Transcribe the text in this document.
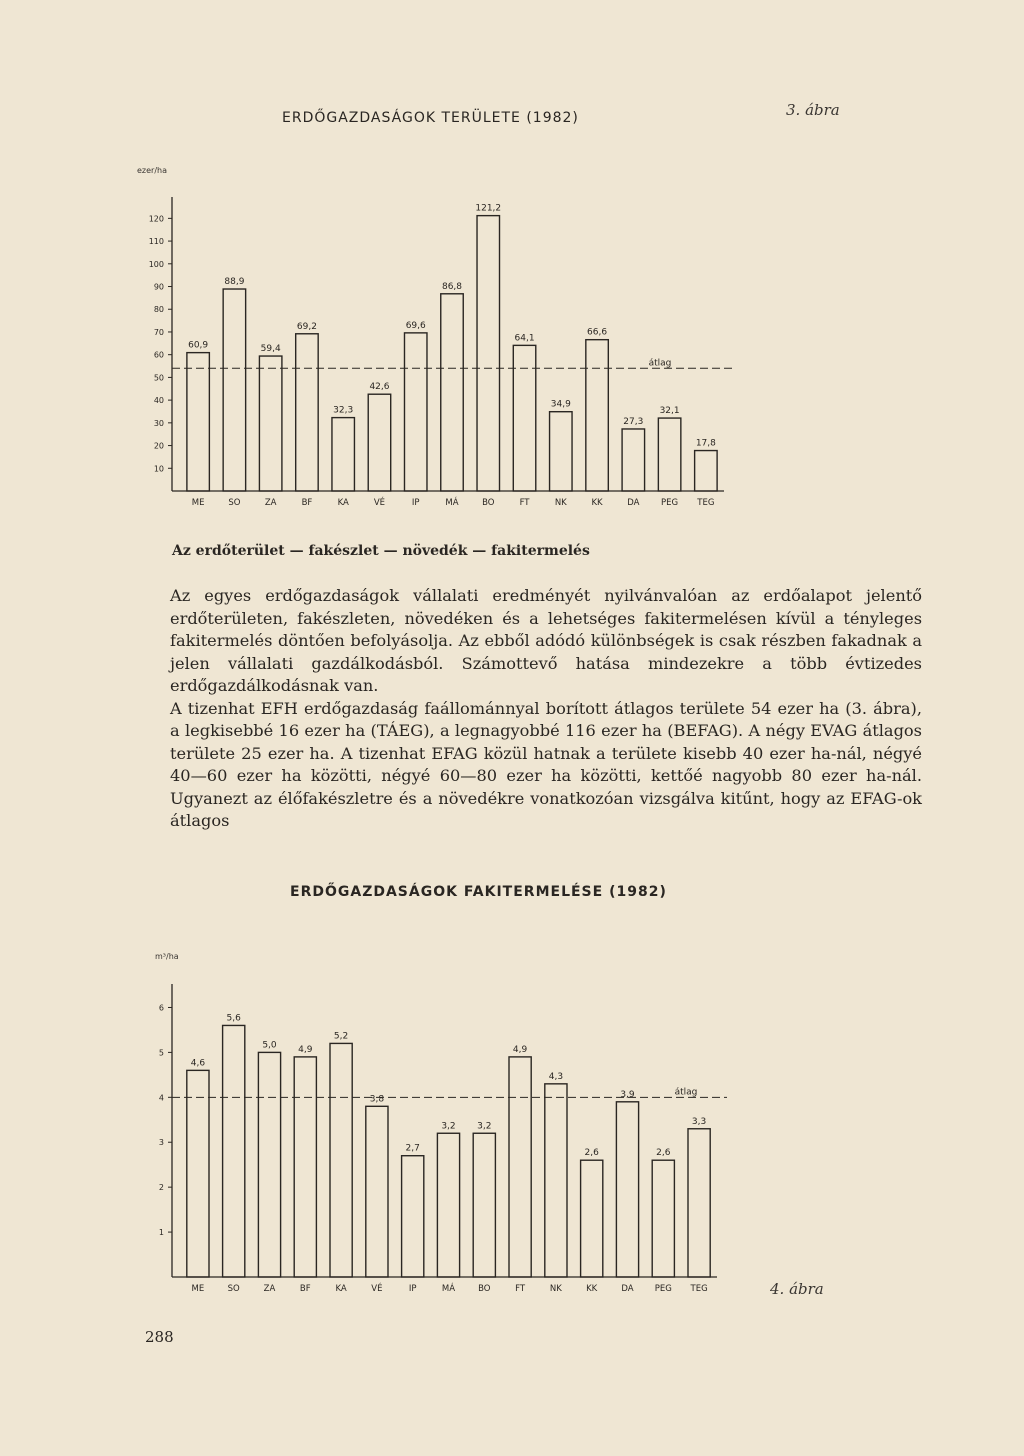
ERDŐGAZDASÁGOK TERÜLETE (1982)	3. ábra
ezer/ha
ERDŐGAZDASÁGOK FAKITERMELÉSE (1982)
4. ábra
m³/ha
10
20
30
40
50
60
70
80
90
100
110
120
60,9
88,9
59,4
69,2
32,3
42,6
69,6
86,8
121,2
64,1
34,9
66,6
27,3
32,1
17,8
ME	SO	ZA	BF	KA	VÉ	IP	MÁ	BO	FT	NK	KK	DA	PEG TEG
átlag
1
2
3
4
5
6
4,6
5,6
5,0 4,9
5,2
3,8
2,7
3,2 3,2
4,9
4,3
2,6
3,9
2,6
3,3
ME	SO	ZA	BF	KA	VÉ	IP	MÁ	BO	FT	NK	KK	DA PEG TEG
átlag
Az erdőterület — fakészlet — növedék — fakitermelés

Az egyes erdőgazdaságok vállalati eredményét nyilvánvalóan az erdőalapot jelentő erdőterületen, fakészleten, növedéken és a lehetséges fakitermelésen kívül a tényleges fakitermelés döntően befolyásolja. Az ebből adódó különbségek is csak részben fakadnak a jelen vállalati gazdálkodásból. Számottevő hatása mindezekre a több évtizedes erdőgazdálkodásnak van.

A tizenhat EFH erdőgazdaság faállománnyal borított átlagos területe 54 ezer ha (3. ábra), a legkisebbé 16 ezer ha (TÁEG), a legnagyobbé 116 ezer ha (BEFAG). A négy EVAG átlagos területe 25 ezer ha. A tizenhat EFAG közül hatnak a területe kisebb 40 ezer ha-nál, négyé 40—60 ezer ha közötti, négyé 60—80 ezer ha közötti, kettőé nagyobb 80 ezer ha-nál. Ugyanezt az élőfakészletre és a növedékre vonatkozóan vizsgálva kitűnt, hogy az EFAG-ok átlagos

288
